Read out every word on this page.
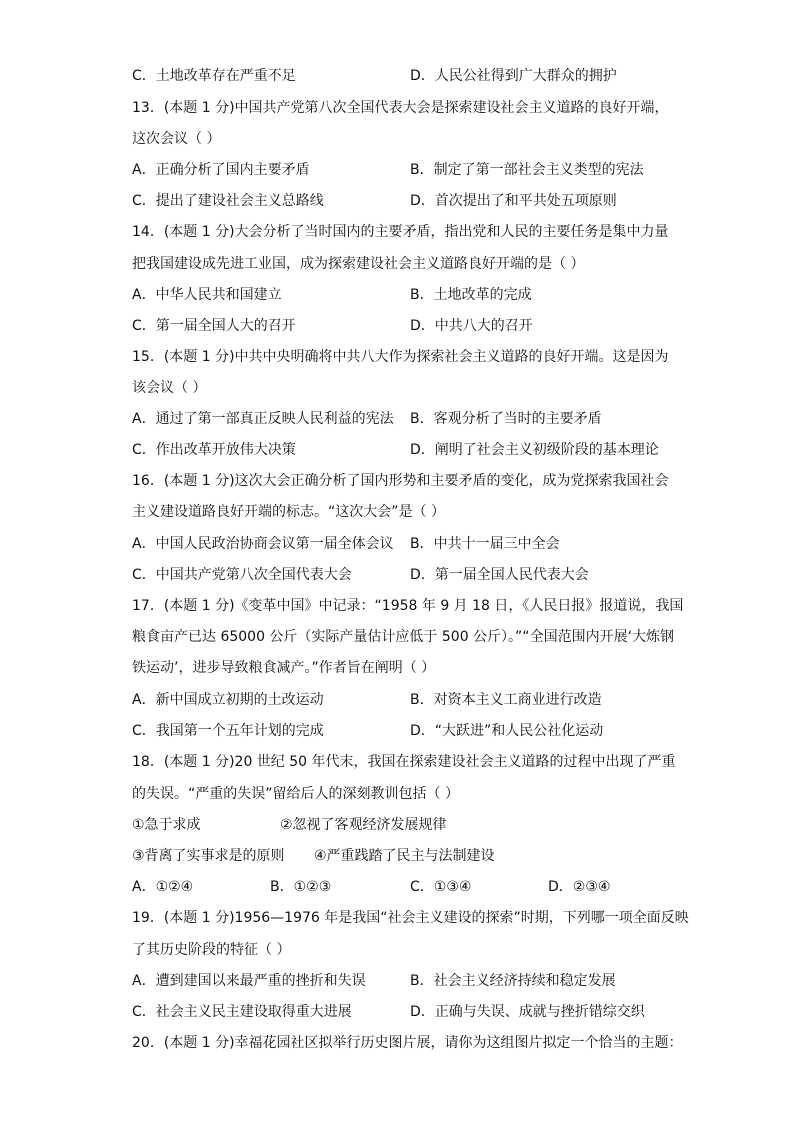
C．土地改革存在严重不足	D．人民公社得到广大群众的拥护
13．(本题 1 分)中国共产党第八次全国代表大会是探索建设社会主义道路的良好开端，
这次会议（ ）
A．正确分析了国内主要矛盾	B．制定了第一部社会主义类型的宪法
C．提出了建设社会主义总路线	D．首次提出了和平共处五项原则
14．(本题 1 分)大会分析了当时国内的主要矛盾，指出党和人民的主要任务是集中力量
把我国建设成先进工业国，成为探索建设社会主义道路良好开端的是（ ）
A．中华人民共和国建立	B．土地改革的完成
C．第一届全国人大的召开	D．中共八大的召开
15．(本题 1 分)中共中央明确将中共八大作为探索社会主义道路的良好开端。这是因为
该会议（ ）
A．通过了第一部真正反映人民利益的宪法 B．客观分析了当时的主要矛盾
C．作出改革开放伟大决策	D．阐明了社会主义初级阶段的基本理论
16．(本题 1 分)这次大会正确分析了国内形势和主要矛盾的变化，成为党探索我国社会
主义建设道路良好开端的标志。“这次大会”是（ ）
A．中国人民政治协商会议第一届全体会议 B．中共十一届三中全会
C．中国共产党第八次全国代表大会	D．第一届全国人民代表大会
17．(本题 1 分)《变革中国》中记录：“1958 年 9 月 18 日，《人民日报》报道说，我国
粮食亩产已达 65000 公斤（实际产量估计应低于 500 公斤）。”“全国范围内开展‘大炼钢
铁运动’，进步导致粮食减产。”作者旨在阐明（ ）
A．新中国成立初期的土改运动	B．对资本主义工商业进行改造
C．我国第一个五年计划的完成	D．“大跃进”和人民公社化运动
18．(本题 1 分)20 世纪 50 年代末，我国在探索建设社会主义道路的过程中出现了严重
的失误。“严重的失误”留给后人的深刻教训包括（ ）
①急于求成	②忽视了客观经济发展规律
③背离了实事求是的原则 ④严重践踏了民主与法制建设
A．①②④	B．①②③	C．①③④	D．②③④
19．(本题 1 分)1956—1976 年是我国“社会主义建设的探索”时期，下列哪一项全面反映
了其历史阶段的特征（ ）
A．遭到建国以来最严重的挫折和失误	B．社会主义经济持续和稳定发展
C．社会主义民主建设取得重大进展	D．正确与失误、成就与挫折错综交织
20．(本题 1 分)幸福花园社区拟举行历史图片展，请你为这组图片拟定一个恰当的主题：
